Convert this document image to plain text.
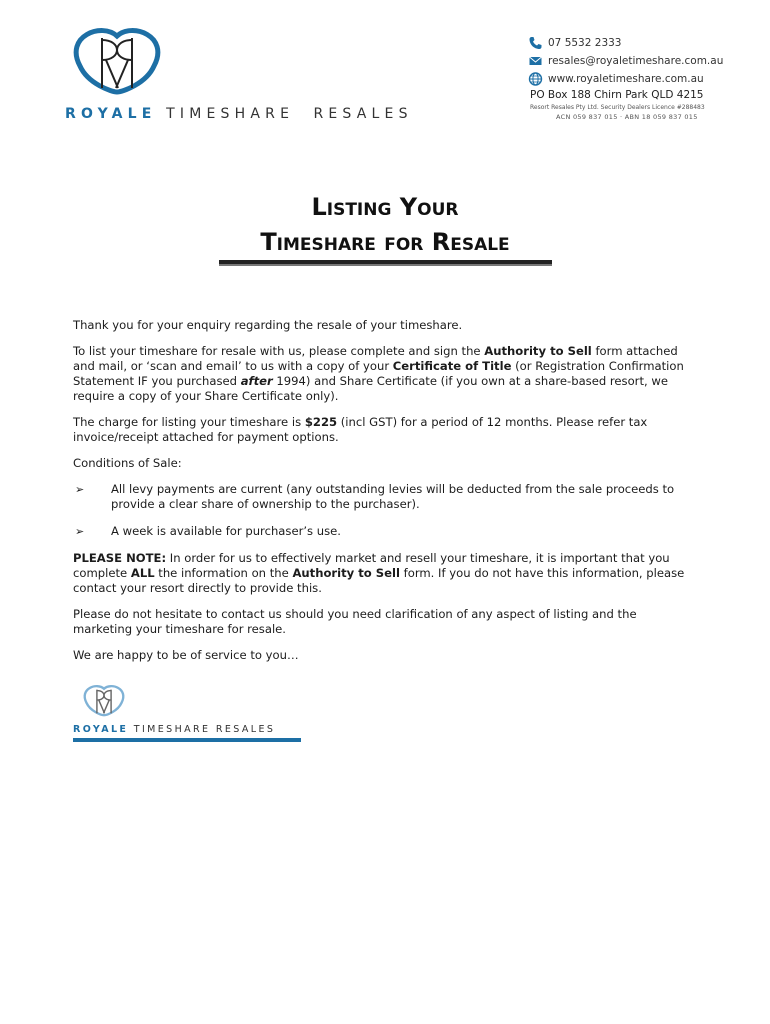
ROYALE TIMESHARE RESALES
07 5532 2333
resales@royaletimeshare.com.au
www.royaletimeshare.com.au
PO Box 188 Chirn Park QLD 4215
Resort Resales Pty Ltd. Security Dealers Licence #288483
ACN 059 837 015 · ABN 18 059 837 015
Listing Your
Timeshare for Resale

Thank you for your enquiry regarding the resale of your timeshare.

To list your timeshare for resale with us, please complete and sign the Authority to Sell form attached and mail, or ‘scan and email’ to us with a copy of your Certificate of Title (or Registration Confirmation Statement IF you purchased after 1994) and Share Certificate (if you own at a share-based resort, we require a copy of your Share Certificate only).

The charge for listing your timeshare is $225 (incl GST) for a period of 12 months. Please refer tax invoice/receipt attached for payment options.

Conditions of Sale:

➢	All levy payments are current (any outstanding levies will be deducted from the sale proceeds to provide a clear share of ownership to the purchaser).
➢	A week is available for purchaser’s use.

PLEASE NOTE: In order for us to effectively market and resell your timeshare, it is important that you complete ALL the information on the Authority to Sell form. If you do not have this information, please contact your resort directly to provide this.

Please do not hesitate to contact us should you need clarification of any aspect of listing and the marketing your timeshare for resale.

We are happy to be of service to you…

ROYALE TIMESHARE RESALES
